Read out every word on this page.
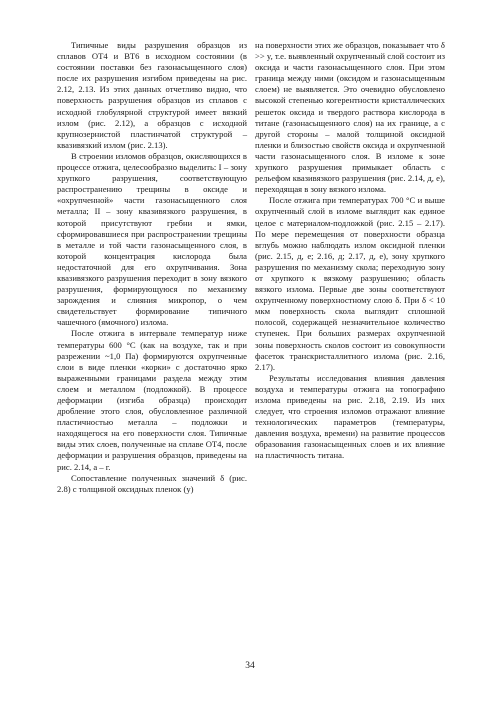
Типичные виды разрушения образцов из сплавов ОТ4 и ВТ6 в исходном состоянии (в состоянии поставки без газонасыщенного слоя) после их разрушения изгибом приведены на рис. 2.12, 2.13. Из этих данных отчетливо видно, что поверхность разрушения образцов из сплавов с исходной глобулярной структурой имеет вязкий излом (рис. 2.12), а образцов с исходной крупнозернистой пластинчатой структурой – квазивязкий излом (рис. 2.13).

В строении изломов образцов, окисляющихся в процессе отжига, целесообразно выделить: I – зону хрупкого разрушения, соответствующую распространению трещины в оксиде и «охрупченной» части газонасыщенного слоя металла; II – зону квазивязкого разрушения, в которой присутствуют гребни и ямки, сформировавшиеся при распространении трещины в металле и той части газонасыщенного слоя, в которой концентрация кислорода была недостаточной для его охрупчивания. Зона квазивязкого разрушения переходит в зону вязкого разрушения, формирующуюся по механизму зарождения и слияния микропор, о чем свидетельствует формирование типичного чашечного (ямочного) излома.

После отжига в интервале температур ниже температуры 600 °С (как на воздухе, так и при разрежении ~1,0 Па) формируются охрупченные слои в виде пленки «корки» с достаточно ярко выраженными границами раздела между этим слоем и металлом (подложкой). В процессе деформации (изгиба образца) происходит дробление этого слоя, обусловленное различной пластичностью металла – подложки и находящегося на его поверхности слоя. Типичные виды этих слоев, полученные на сплаве ОТ4, после деформации и разрушения образцов, приведены на рис. 2.14, а – г.

Сопоставление полученных значений δ (рис. 2.8) с толщиной оксидных пленок (y)

на поверхности этих же образцов, показывает что δ >> y, т.е. выявленный охрупченный слой состоит из оксида и части газонасыщенного слоя. При этом граница между ними (оксидом и газонасыщенным слоем) не выявляется. Это очевидно обусловлено высокой степенью когерентности кристаллических решеток оксида и твердого раствора кислорода в титане (газонасыщенного слоя) на их границе, а с другой стороны – малой толщиной оксидной пленки и близостью свойств оксида и охрупченной части газонасыщенного слоя. В изломе к зоне хрупкого разрушения примыкает область с рельефом квазивязкого разрушения (рис. 2.14, д, е), переходящая в зону вязкого излома.

После отжига при температурах 700 °С и выше охрупченный слой в изломе выглядит как единое целое с материалом-подложкой (рис. 2.15 – 2.17). По мере перемещения от поверхности образца вглубь можно наблюдать излом оксидной пленки (рис. 2.15, д, е; 2.16, д; 2.17, д, е), зону хрупкого разрушения по механизму скола; переходную зону от хрупкого к вязкому разрушению; область вязкого излома. Первые две зоны соответствуют охрупченному поверхностному слою δ. При δ < 10 мкм поверхность скола выглядит сплошной полосой, содержащей незначительное количество ступенек. При больших размерах охрупченной зоны поверхность сколов состоит из совокупности фасеток транскристаллитного излома (рис. 2.16, 2.17).

Результаты исследования влияния давления воздуха и температуры отжига на топографию излома приведены на рис. 2.18, 2.19. Из них следует, что строения изломов отражают влияние технологических параметров (температуры, давления воздуха, времени) на развитие процессов образования газонасыщенных слоев и их влияние на пластичность титана.

34
